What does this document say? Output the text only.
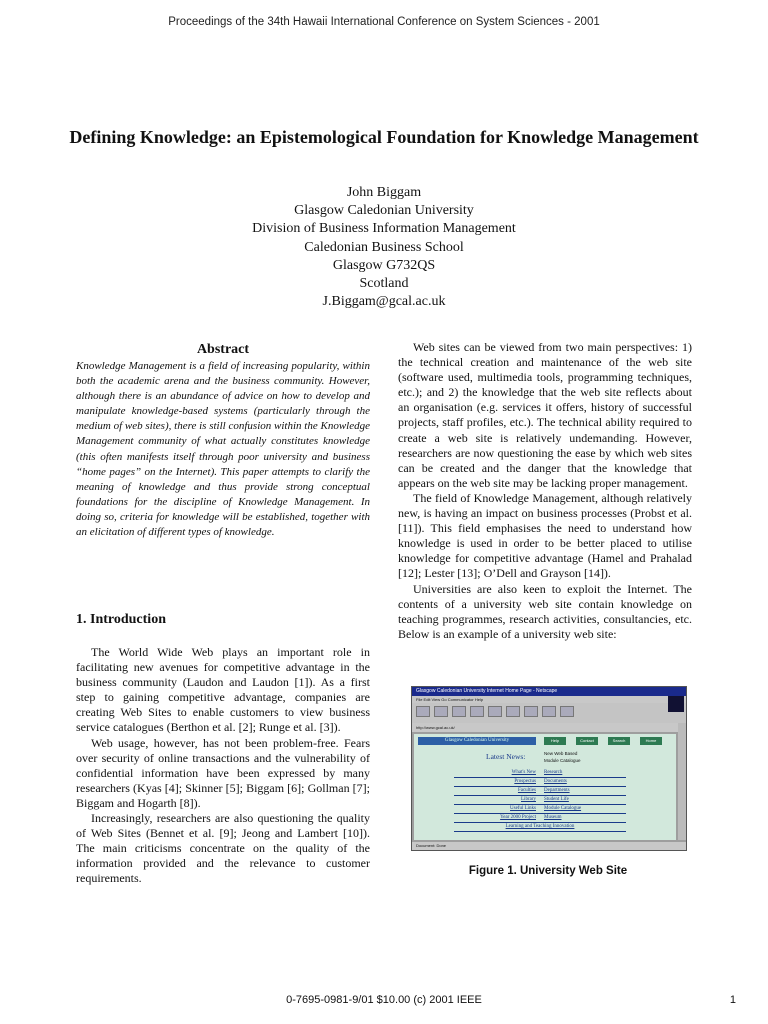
Proceedings of the 34th Hawaii International Conference on System Sciences - 2001
Defining Knowledge: an Epistemological Foundation for Knowledge Management
John Biggam
Glasgow Caledonian University
Division of Business Information Management
Caledonian Business School
Glasgow G732QS
Scotland
J.Biggam@gcal.ac.uk
Abstract

Knowledge Management is a field of increasing popularity, within both the academic arena and the business community. However, although there is an abundance of advice on how to develop and manipulate knowledge-based systems (particularly through the medium of web sites), there is still confusion within the Knowledge Management community of what actually constitutes knowledge (this often manifests itself through poor university and business “home pages” on the Internet). This paper attempts to clarify the meaning of knowledge and thus provide strong conceptual foundations for the discipline of Knowledge Management. In doing so, criteria for knowledge will be established, together with an elicitation of different types of knowledge.

1. Introduction

The World Wide Web plays an important role in facilitating new avenues for competitive advantage in the business community (Laudon and Laudon [1]). As a first step to gaining competitive advantage, companies are creating Web Sites to enable customers to view business service catalogues (Berthon et al. [2]; Runge et al. [3]).

Web usage, however, has not been problem-free. Fears over security of online transactions and the vulnerability of confidential information have been expressed by many researchers (Kyas [4]; Skinner [5]; Biggam [6]; Gollman [7]; Biggam and Hogarth [8]).

Increasingly, researchers are also questioning the quality of Web Sites (Bennet et al. [9]; Jeong and Lambert [10]). The main criticisms concentrate on the quality of the information provided and the relevance to customer requirements.

Web sites can be viewed from two main perspectives: 1) the technical creation and maintenance of the web site (software used, multimedia tools, programming techniques, etc.); and 2) the knowledge that the web site reflects about an organisation (e.g. services it offers, history of successful projects, staff profiles, etc.). The technical ability required to create a web site is relatively undemanding. However, researchers are now questioning the ease by which web sites can be created and the danger that the knowledge that appears on the web site may be lacking proper management.

The field of Knowledge Management, although relatively new, is having an impact on business processes (Probst et al. [11]). This field emphasises the need to understand how knowledge is used in order to be better placed to utilise knowledge for competitive advantage (Hamel and Prahalad [12]; Lester [13]; O’Dell and Grayson [14]).

Universities are also keen to exploit the Internet. The contents of a university web site contain knowledge on teaching programmes, research activities, consultancies, etc. Below is an example of a university web site:

Glasgow Caledonian University Internet Home Page - Netscape
File Edit View Go Communicator Help
http://www.gcal.ac.uk/
Glasgow Caledonian University	Help	Contact	Search	Home
Latest News:	New Web Based
Module Catalogue
What's New Research
Prospectus Documents
Faculties Departments
Library Student Life
Useful Links Module Catalogue
Year 2000 Project Museum
Learning and Teaching Innovation
Document: Done
Figure 1. University Web Site
0-7695-0981-9/01 $10.00 (c) 2001 IEEE	1
